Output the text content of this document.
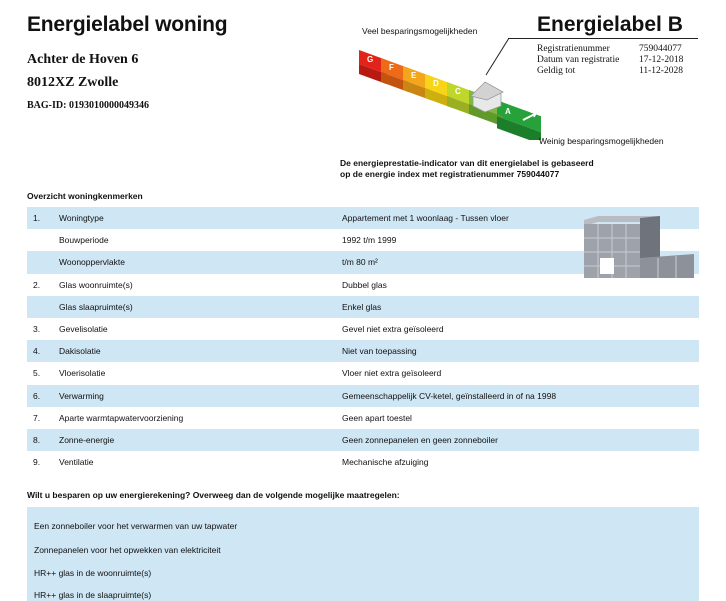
Energielabel woning
Achter de Hoven 6
8012XZ Zwolle
BAG-ID: 0193010000049346
Energielabel B
Registratienummer	759044077
Datum van registratie	17-12-2018
Geldig tot	11-12-2028
Veel besparingsmogelijkheden
G
F
E
D
C
A
Weinig besparingsmogelijkheden
De energieprestatie-indicator van dit energielabel is gebaseerd
op de energie index met registratienummer 759044077
Overzicht woningkenmerken
1. Woningtype	Appartement met 1 woonlaag - Tussen vloer
Bouwperiode	1992 t/m 1999
Woonoppervlakte	t/m 80 m²
2. Glas woonruimte(s)	Dubbel glas
Glas slaapruimte(s)	Enkel glas
3. Gevelisolatie	Gevel niet extra geïsoleerd
4. Dakisolatie	Niet van toepassing
5. Vloerisolatie	Vloer niet extra geïsoleerd
6. Verwarming	Gemeenschappelijk CV-ketel, geïnstalleerd in of na 1998
7. Aparte warmtapwatervoorziening	Geen apart toestel
8. Zonne-energie	Geen zonnepanelen en geen zonneboiler
9. Ventilatie	Mechanische afzuiging
Wilt u besparen op uw energierekening? Overweeg dan de volgende mogelijke maatregelen:
Een zonneboiler voor het verwarmen van uw tapwater
Zonnepanelen voor het opwekken van elektriciteit
HR++ glas in de woonruimte(s)
HR++ glas in de slaapruimte(s)
